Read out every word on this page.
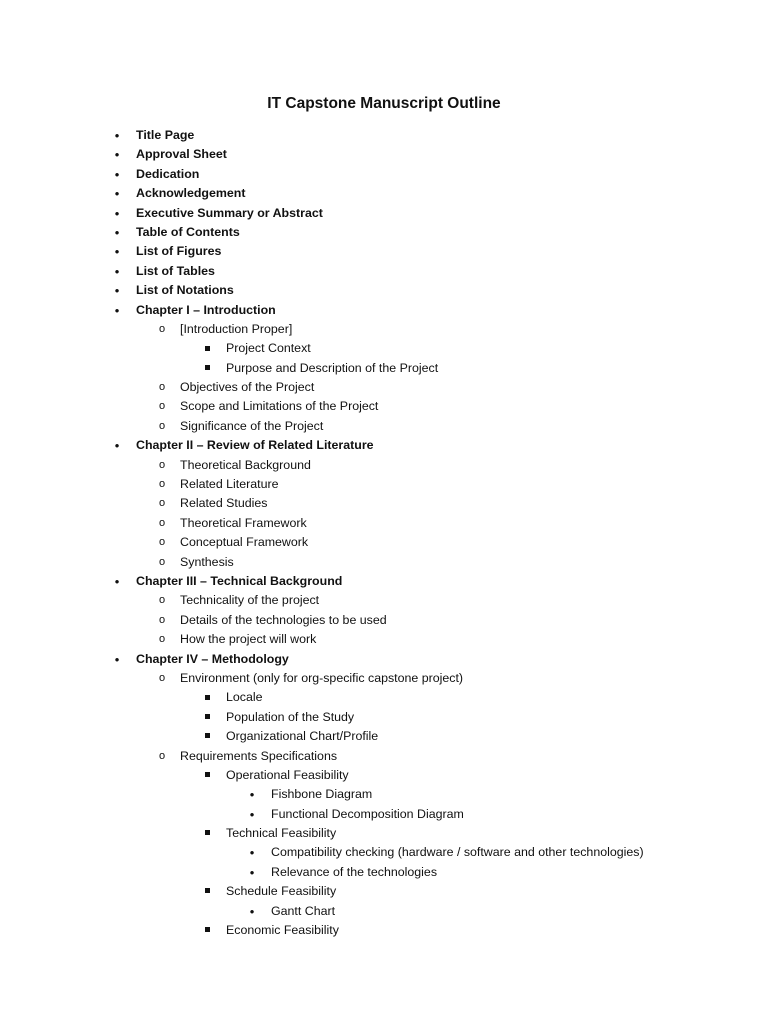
IT Capstone Manuscript Outline
•	Title Page
•	Approval Sheet
•	Dedication
•	Acknowledgement
•	Executive Summary or Abstract
•	Table of Contents
•	List of Figures
•	List of Tables
•	List of Notations
•	Chapter I – Introduction
o	[Introduction Proper]
Project Context
Purpose and Description of the Project
o	Objectives of the Project
o	Scope and Limitations of the Project
o	Significance of the Project
•	Chapter II – Review of Related Literature
o	Theoretical Background
o	Related Literature
o	Related Studies
o	Theoretical Framework
o	Conceptual Framework
o	Synthesis
•	Chapter III – Technical Background
o	Technicality of the project
o	Details of the technologies to be used
o	How the project will work
•	Chapter IV – Methodology
o	Environment (only for org-specific capstone project)
Locale
Population of the Study
Organizational Chart/Profile
o	Requirements Specifications
Operational Feasibility
•	Fishbone Diagram
•	Functional Decomposition Diagram
Technical Feasibility
•	Compatibility checking (hardware / software and other technologies)
•	Relevance of the technologies
Schedule Feasibility
•	Gantt Chart
Economic Feasibility
